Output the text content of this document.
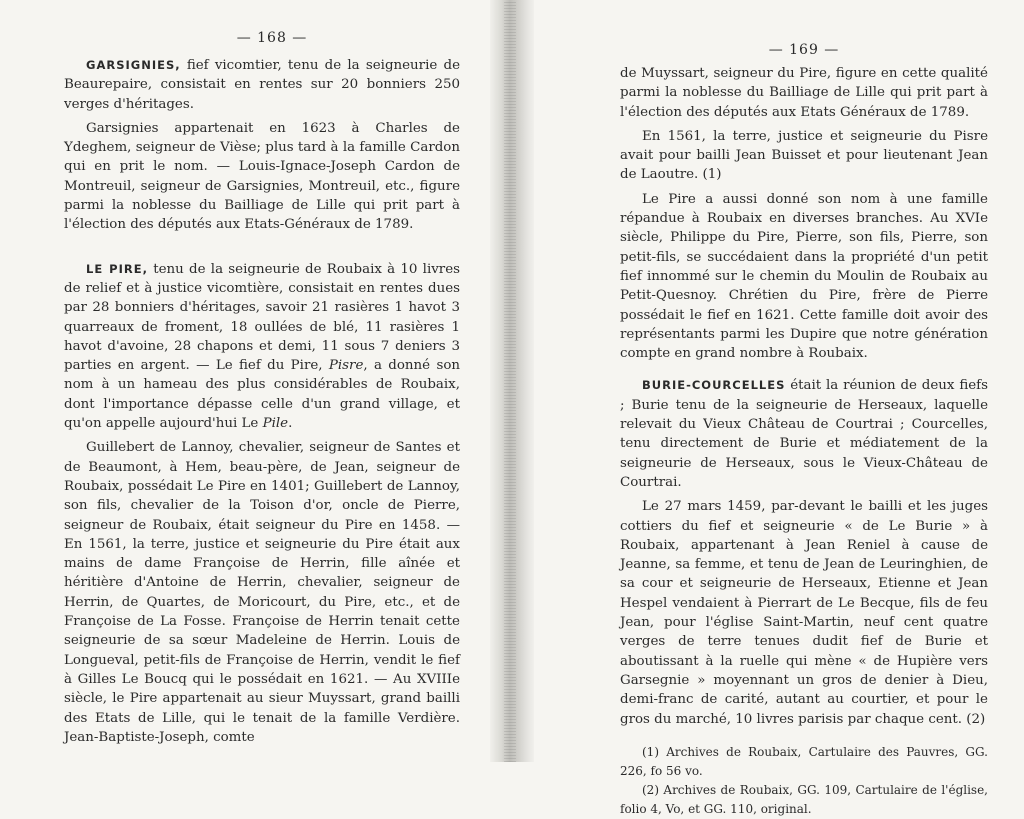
— 168 —

GARSIGNIES, fief vicomtier, tenu de la seigneurie de Beaurepaire, consistait en rentes sur 20 bonniers 250 verges d'héritages.

Garsignies appartenait en 1623 à Charles de Ydeghem, seigneur de Vièse; plus tard à la famille Cardon qui en prit le nom. — Louis-Ignace-Joseph Cardon de Montreuil, seigneur de Garsignies, Montreuil, etc., figure parmi la noblesse du Bailliage de Lille qui prit part à l'élection des députés aux Etats-Généraux de 1789.

LE PIRE, tenu de la seigneurie de Roubaix à 10 livres de relief et à justice vicomtière, consistait en rentes dues par 28 bonniers d'héritages, savoir 21 rasières 1 havot 3 quarreaux de froment, 18 oullées de blé, 11 rasières 1 havot d'avoine, 28 chapons et demi, 11 sous 7 deniers 3 parties en argent. — Le fief du Pire, Pisre, a donné son nom à un hameau des plus considérables de Roubaix, dont l'importance dépasse celle d'un grand village, et qu'on appelle aujourd'hui Le Pile.

Guillebert de Lannoy, chevalier, seigneur de Santes et de Beaumont, à Hem, beau-père, de Jean, seigneur de Roubaix, possédait Le Pire en 1401; Guillebert de Lannoy, son fils, chevalier de la Toison d'or, oncle de Pierre, seigneur de Roubaix, était seigneur du Pire en 1458. — En 1561, la terre, justice et seigneurie du Pire était aux mains de dame Françoise de Herrin, fille aînée et héritière d'Antoine de Herrin, chevalier, seigneur de Herrin, de Quartes, de Moricourt, du Pire, etc., et de Françoise de La Fosse. Françoise de Herrin tenait cette seigneurie de sa sœur Madeleine de Herrin. Louis de Longueval, petit-fils de Françoise de Herrin, vendit le fief à Gilles Le Boucq qui le possédait en 1621. — Au XVIIIe siècle, le Pire appartenait au sieur Muyssart, grand bailli des Etats de Lille, qui le tenait de la famille Verdière. Jean-Baptiste-Joseph, comte

— 169 —

de Muyssart, seigneur du Pire, figure en cette qualité parmi la noblesse du Bailliage de Lille qui prit part à l'élection des députés aux Etats Généraux de 1789.

En 1561, la terre, justice et seigneurie du Pisre avait pour bailli Jean Buisset et pour lieutenant Jean de Laoutre. (1)

Le Pire a aussi donné son nom à une famille répandue à Roubaix en diverses branches. Au XVIe siècle, Philippe du Pire, Pierre, son fils, Pierre, son petit-fils, se succédaient dans la propriété d'un petit fief innommé sur le chemin du Moulin de Roubaix au Petit-Quesnoy. Chrétien du Pire, frère de Pierre possédait le fief en 1621. Cette famille doit avoir des représentants parmi les Dupire que notre génération compte en grand nombre à Roubaix.

BURIE-COURCELLES était la réunion de deux fiefs ; Burie tenu de la seigneurie de Herseaux, laquelle relevait du Vieux Château de Courtrai ; Courcelles, tenu directement de Burie et médiatement de la seigneurie de Herseaux, sous le Vieux-Château de Courtrai.

Le 27 mars 1459, par-devant le bailli et les juges cottiers du fief et seigneurie « de Le Burie » à Roubaix, appartenant à Jean Reniel à cause de Jeanne, sa femme, et tenu de Jean de Leuringhien, de sa cour et seigneurie de Herseaux, Etienne et Jean Hespel vendaient à Pierrart de Le Becque, fils de feu Jean, pour l'église Saint-Martin, neuf cent quatre verges de terre tenues dudit fief de Burie et aboutissant à la ruelle qui mène « de Hupière vers Garsegnie » moyennant un gros de denier à Dieu, demi-franc de carité, autant au courtier, et pour le gros du marché, 10 livres parisis par chaque cent. (2)

(1) Archives de Roubaix, Cartulaire des Pauvres, GG. 226, fo 56 vo.

(2) Archives de Roubaix, GG. 109, Cartulaire de l'église, folio 4, Vo, et GG. 110, original.
